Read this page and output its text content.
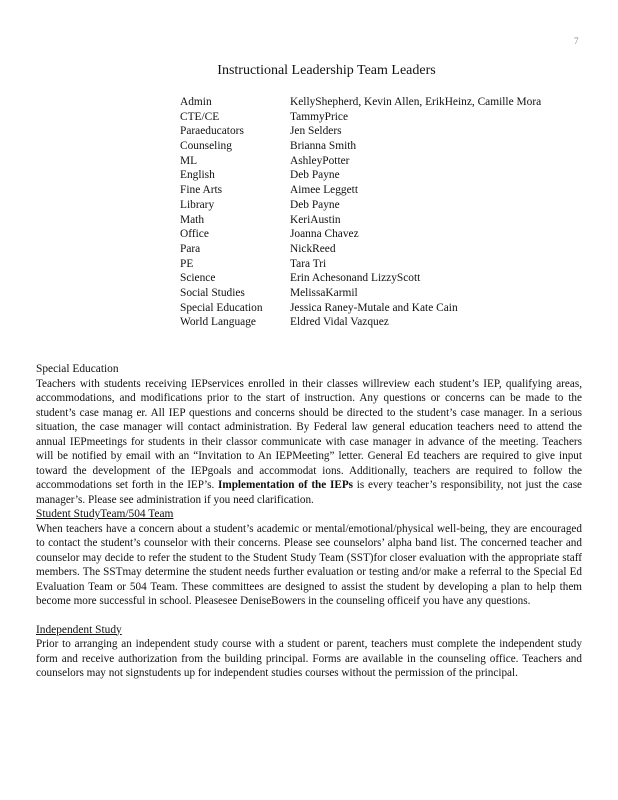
7
Instructional Leadership Team Leaders
Admin	KellyShepherd, Kevin Allen, ErikHeinz, Camille Mora
CTE/CE	TammyPrice
Paraeducators	Jen Selders
Counseling	Brianna Smith
ML	AshleyPotter
English	Deb Payne
Fine Arts	Aimee Leggett
Library	Deb Payne
Math	KeriAustin
Office	Joanna Chavez
Para	NickReed
PE	Tara Tri
Science	Erin Achesonand LizzyScott
Social Studies	MelissaKarmil
Special Education	Jessica Raney-Mutale and Kate Cain
World Language	Eldred Vidal Vazquez
Special Education

Teachers with students receiving IEPservices enrolled in their classes willreview each student’s IEP, qualifying areas, accommodations, and modifications prior to the start of instruction. Any questions or concerns can be made to the student’s case manag er. All IEP questions and concerns should be directed to the student’s case manager. In a serious situation, the case manager will contact administration. By Federal law general education teachers need to attend the annual IEPmeetings for students in their classor communicate with case manager in advance of the meeting. Teachers will be notified by email with an “Invitation to An IEPMeeting” letter. General Ed teachers are required to give input toward the development of the IEPgoals and accommodat ions. Additionally, teachers are required to follow the accommodations set forth in the IEP’s. Implementation of the IEPs is every teacher’s responsibility, not just the case manager’s. Please see administration if you need clarification.

Student StudyTeam/504 Team

When teachers have a concern about a student’s academic or mental/emotional/physical well-being, they are encouraged to contact the student’s counselor with their concerns. Please see counselors’ alpha band list. The concerned teacher and counselor may decide to refer the student to the Student Study Team (SST)for closer evaluation with the appropriate staff members. The SSTmay determine the student needs further evaluation or testing and/or make a referral to the Special Ed Evaluation Team or 504 Team. These committees are designed to assist the student by developing a plan to help them become more successful in school. Pleasesee DeniseBowers in the counseling officeif you have any questions.

Independent Study

Prior to arranging an independent study course with a student or parent, teachers must complete the independent study form and receive authorization from the building principal. Forms are available in the counseling office. Teachers and counselors may not signstudents up for independent studies courses without the permission of the principal.
